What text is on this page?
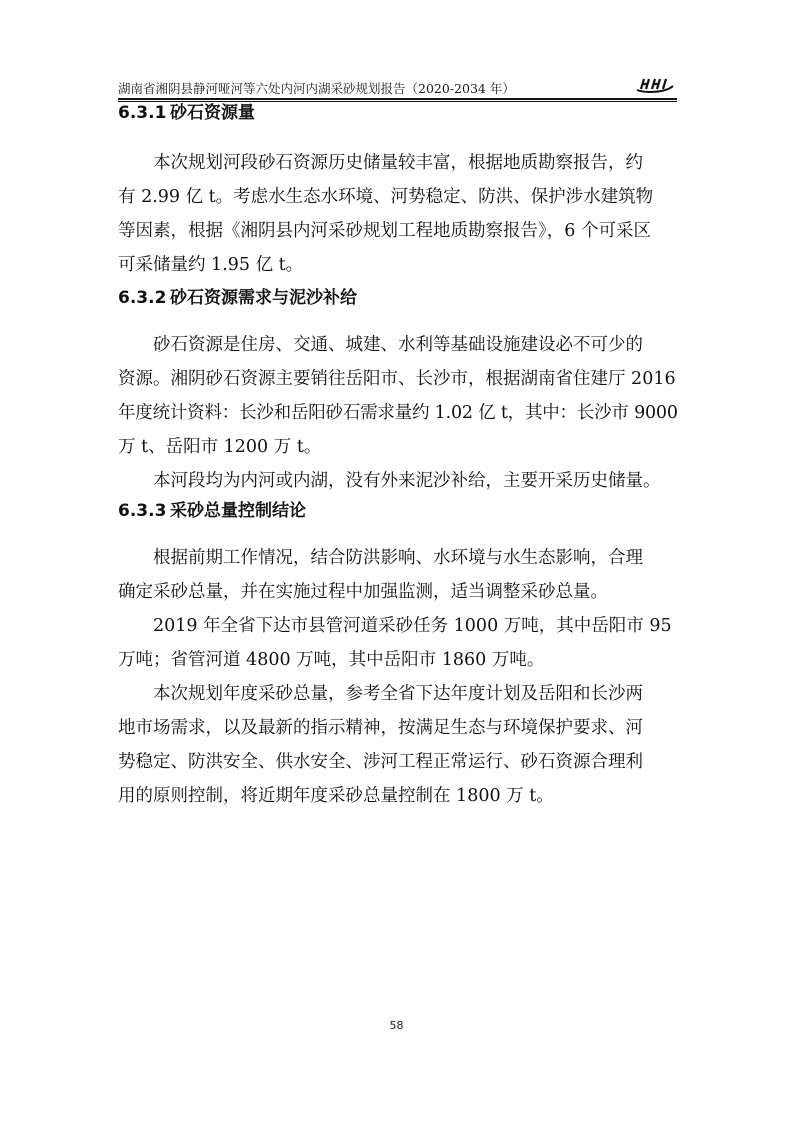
湖南省湘阴县静河哑河等六处内河内湖采砂规划报告（2020-2034 年）
6.3.1 砂石资源量
本次规划河段砂石资源历史储量较丰富，根据地质勘察报告，约
有 2.99 亿 t。考虑水生态水环境、河势稳定、防洪、保护涉水建筑物
等因素，根据《湘阴县内河采砂规划工程地质勘察报告》，6 个可采区
可采储量约 1.95 亿 t。
6.3.2 砂石资源需求与泥沙补给
砂石资源是住房、交通、城建、水利等基础设施建设必不可少的
资源。湘阴砂石资源主要销往岳阳市、长沙市，根据湖南省住建厅 2016
年度统计资料：长沙和岳阳砂石需求量约 1.02 亿 t，其中：长沙市 9000
万 t、岳阳市 1200 万 t。
本河段均为内河或内湖，没有外来泥沙补给，主要开采历史储量。
6.3.3 采砂总量控制结论
根据前期工作情况，结合防洪影响、水环境与水生态影响，合理
确定采砂总量，并在实施过程中加强监测，适当调整采砂总量。
2019 年全省下达市县管河道采砂任务 1000 万吨，其中岳阳市 95
万吨；省管河道 4800 万吨，其中岳阳市 1860 万吨。
本次规划年度采砂总量，参考全省下达年度计划及岳阳和长沙两
地市场需求，以及最新的指示精神，按满足生态与环境保护要求、河
势稳定、防洪安全、供水安全、涉河工程正常运行、砂石资源合理利
用的原则控制，将近期年度采砂总量控制在 1800 万 t。
58
